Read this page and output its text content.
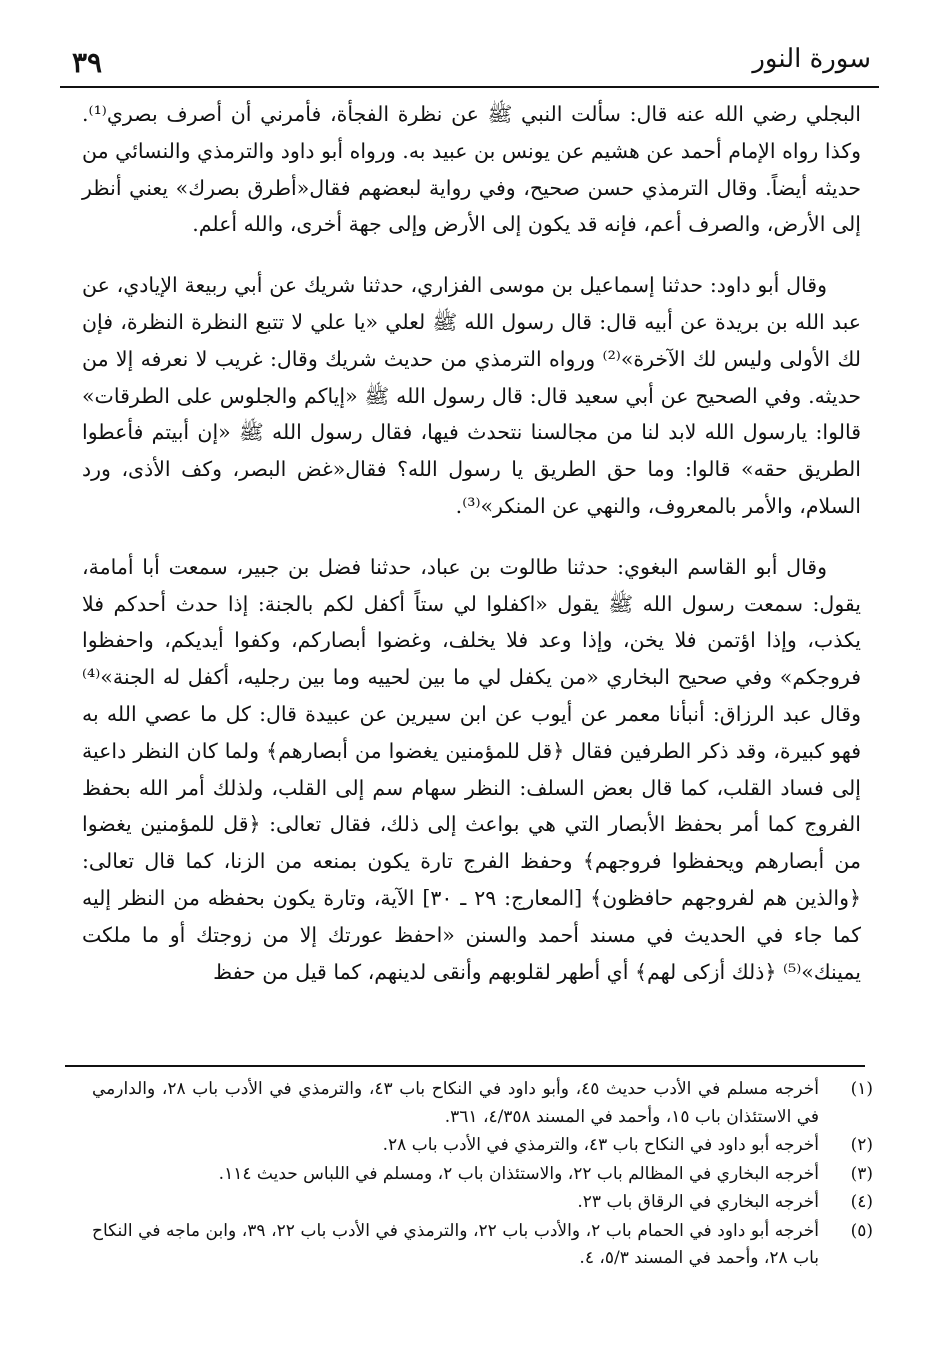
سورة النور
٣٩

البجلي رضي الله عنه قال: سألت النبي ﷺ عن نظرة الفجأة، فأمرني أن أصرف بصري⁽¹⁾. وكذا رواه الإمام أحمد عن هشيم عن يونس بن عبيد به. ورواه أبو داود والترمذي والنسائي من حديثه أيضاً. وقال الترمذي حسن صحيح، وفي رواية لبعضهم فقال«أطرق بصرك» يعني أنظر إلى الأرض، والصرف أعم، فإنه قد يكون إلى الأرض وإلى جهة أخرى، والله أعلم.

وقال أبو داود: حدثنا إسماعيل بن موسى الفزاري، حدثنا شريك عن أبي ربيعة الإيادي، عن عبد الله بن بريدة عن أبيه قال: قال رسول الله ﷺ لعلي «يا علي لا تتبع النظرة النظرة، فإن لك الأولى وليس لك الآخرة»⁽²⁾ ورواه الترمذي من حديث شريك وقال: غريب لا نعرفه إلا من حديثه. وفي الصحيح عن أبي سعيد قال: قال رسول الله ﷺ «إياكم والجلوس على الطرقات» قالوا: يارسول الله لابد لنا من مجالسنا نتحدث فيها، فقال رسول الله ﷺ «إن أبيتم فأعطوا الطريق حقه» قالوا: وما حق الطريق يا رسول الله؟ فقال«غض البصر، وكف الأذى، ورد السلام، والأمر بالمعروف، والنهي عن المنكر»⁽³⁾.

وقال أبو القاسم البغوي: حدثنا طالوت بن عباد، حدثنا فضل بن جبير، سمعت أبا أمامة، يقول: سمعت رسول الله ﷺ يقول «اكفلوا لي ستاً أكفل لكم بالجنة: إذا حدث أحدكم فلا يكذب، وإذا اؤتمن فلا يخن، وإذا وعد فلا يخلف، وغضوا أبصاركم، وكفوا أيديكم، واحفظوا فروجكم» وفي صحيح البخاري «من يكفل لي ما بين لحييه وما بين رجليه، أكفل له الجنة»⁽⁴⁾ وقال عبد الرزاق: أنبأنا معمر عن أيوب عن ابن سيرين عن عبيدة قال: كل ما عصي الله به فهو كبيرة، وقد ذكر الطرفين فقال ﴿قل للمؤمنين يغضوا من أبصارهم﴾ ولما كان النظر داعية إلى فساد القلب، كما قال بعض السلف: النظر سهام سم إلى القلب، ولذلك أمر الله بحفظ الفروج كما أمر بحفظ الأبصار التي هي بواعث إلى ذلك، فقال تعالى: ﴿قل للمؤمنين يغضوا من أبصارهم ويحفظوا فروجهم﴾ وحفظ الفرج تارة يكون بمنعه من الزنا، كما قال تعالى: ﴿والذين هم لفروجهم حافظون﴾ [المعارج: ٢٩ ـ ٣٠] الآية، وتارة يكون بحفظه من النظر إليه كما جاء في الحديث في مسند أحمد والسنن «احفظ عورتك إلا من زوجتك أو ما ملكت يمينك»⁽⁵⁾ ﴿ذلك أزكى لهم﴾ أي أطهر لقلوبهم وأنقى لدينهم، كما قيل من حفظ

(١)
أخرجه مسلم في الأدب حديث ٤٥، وأبو داود في النكاح باب ٤٣، والترمذي في الأدب باب ٢٨، والدارمي في الاستئذان باب ١٥، وأحمد في المسند ٤/٣٥٨، ٣٦١.
(٢)
أخرجه أبو داود في النكاح باب ٤٣، والترمذي في الأدب باب ٢٨.
(٣)
أخرجه البخاري في المظالم باب ٢٢، والاستئذان باب ٢، ومسلم في اللباس حديث ١١٤.
(٤)
أخرجه البخاري في الرقاق باب ٢٣.
(٥)
أخرجه أبو داود في الحمام باب ٢، والأدب باب ٢٢، والترمذي في الأدب باب ٢٢، ٣٩، وابن ماجه في النكاح باب ٢٨، وأحمد في المسند ٥/٣، ٤.
